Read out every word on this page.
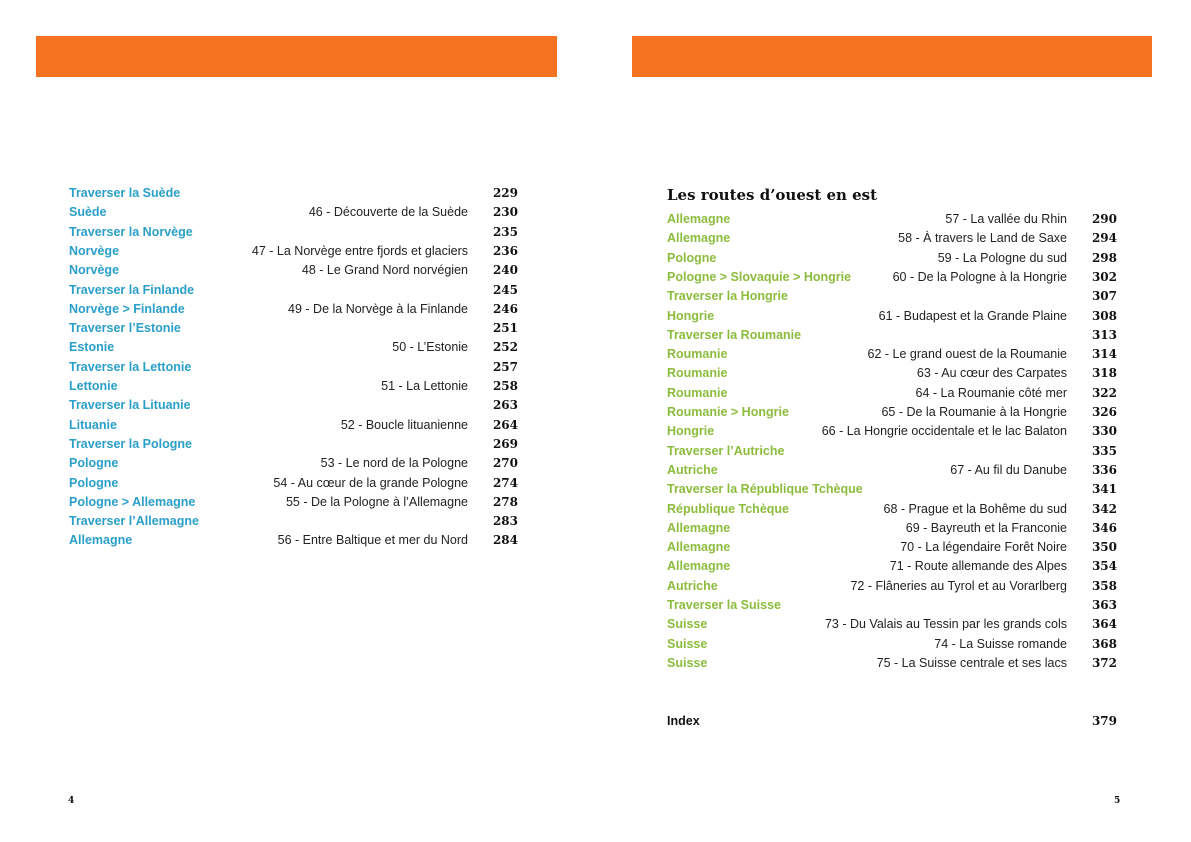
Traverser la Suède	229
Suède	46 - Découverte de la Suède 230
Traverser la Norvège	235
Norvège	47 - La Norvège entre fjords et glaciers 236
Norvège	48 - Le Grand Nord norvégien 240
Traverser la Finlande	245
Norvège > Finlande	49 - De la Norvège à la Finlande 246
Traverser l’Estonie	251
Estonie	50 - L’Estonie 252
Traverser la Lettonie	257
Lettonie	51 - La Lettonie 258
Traverser la Lituanie	263
Lituanie	52 - Boucle lituanienne 264
Traverser la Pologne	269
Pologne	53 - Le nord de la Pologne 270
Pologne	54 - Au cœur de la grande Pologne 274
Pologne > Allemagne	55 - De la Pologne à l’Allemagne 278
Traverser l’Allemagne	283
Allemagne	56 - Entre Baltique et mer du Nord 284
Les routes d’ouest en est
Allemagne	57 - La vallée du Rhin 290
Allemagne	58 - À travers le Land de Saxe 294
Pologne	59 - La Pologne du sud 298
Pologne > Slovaquie > Hongrie	60 - De la Pologne à la Hongrie 302
Traverser la Hongrie	307
Hongrie	61 - Budapest et la Grande Plaine 308
Traverser la Roumanie	313
Roumanie	62 - Le grand ouest de la Roumanie 314
Roumanie	63 - Au cœur des Carpates 318
Roumanie	64 - La Roumanie côté mer 322
Roumanie > Hongrie	65 - De la Roumanie à la Hongrie 326
Hongrie	66 - La Hongrie occidentale et le lac Balaton 330
Traverser l’Autriche	335
Autriche	67 - Au fil du Danube 336
Traverser la République Tchèque	341
République Tchèque	68 - Prague et la Bohême du sud 342
Allemagne	69 - Bayreuth et la Franconie 346
Allemagne	70 - La légendaire Forêt Noire 350
Allemagne	71 - Route allemande des Alpes 354
Autriche	72 - Flâneries au Tyrol et au Vorarlberg 358
Traverser la Suisse	363
Suisse	73 - Du Valais au Tessin par les grands cols 364
Suisse	74 - La Suisse romande 368
Suisse	75 - La Suisse centrale et ses lacs 372
Index	379
4	5
